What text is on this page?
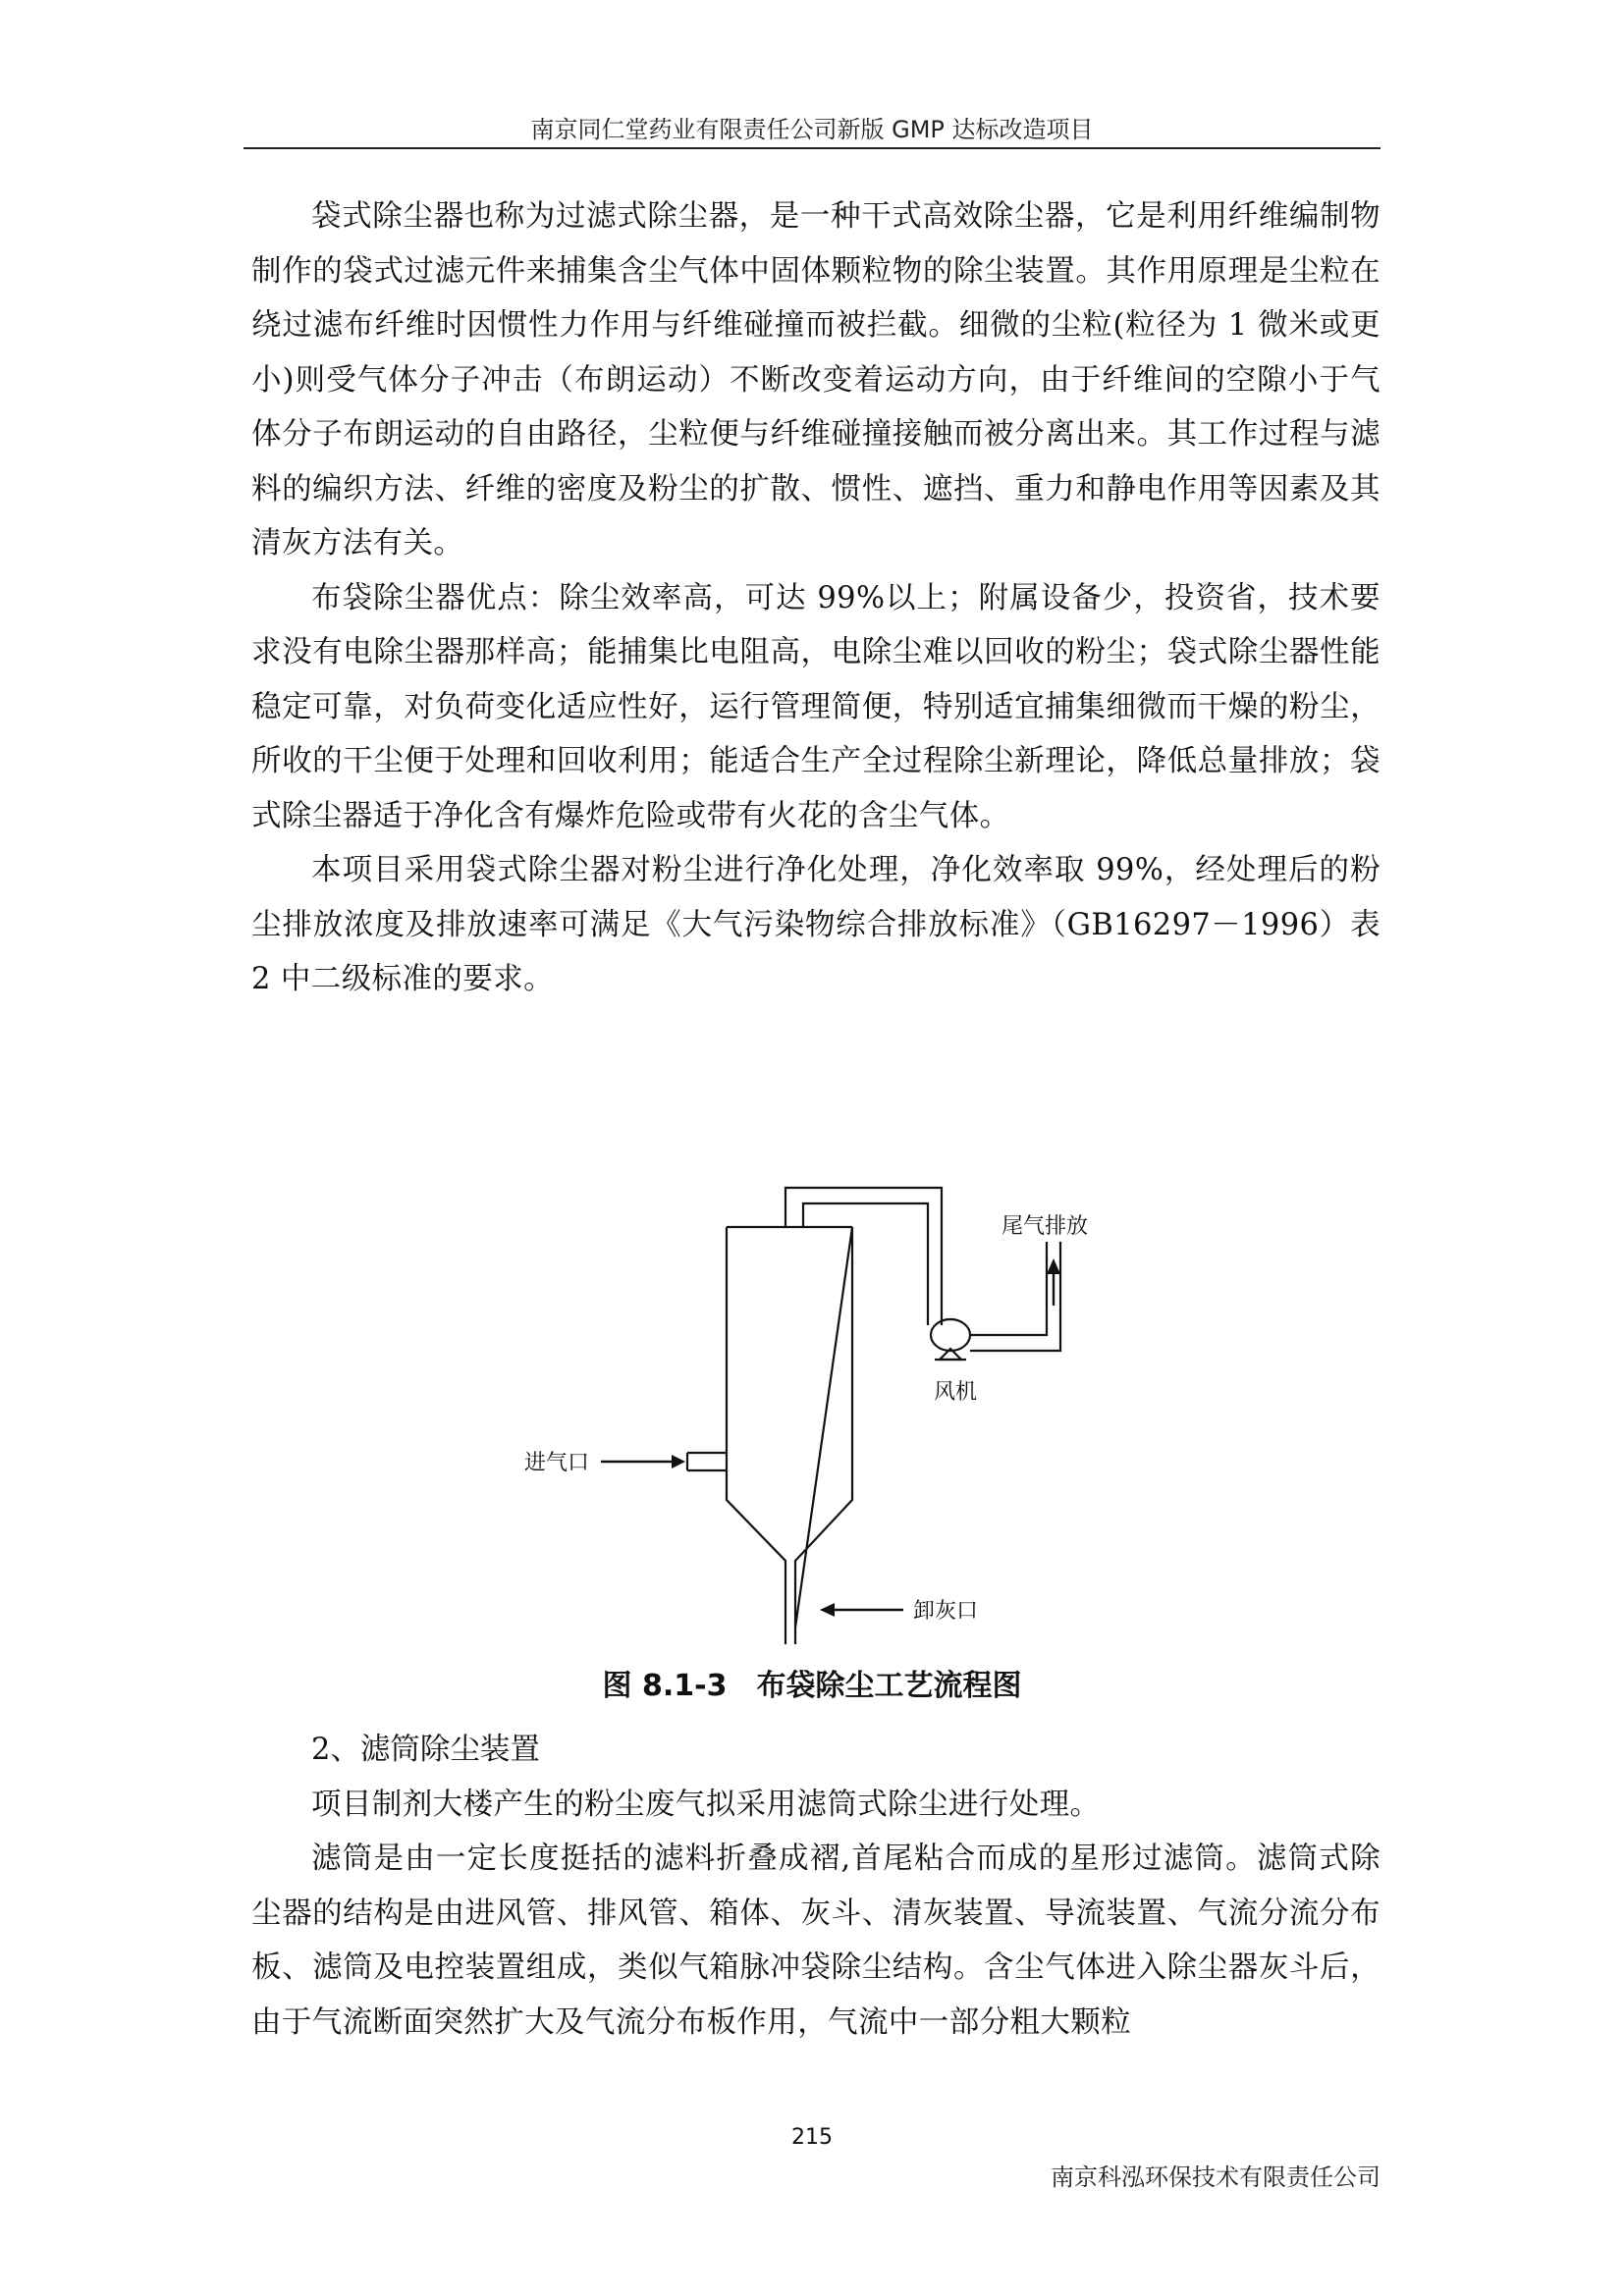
南京同仁堂药业有限责任公司新版 GMP 达标改造项目

袋式除尘器也称为过滤式除尘器，是一种干式高效除尘器，它是利用纤维编制物制作的袋式过滤元件来捕集含尘气体中固体颗粒物的除尘装置。其作用原理是尘粒在绕过滤布纤维时因惯性力作用与纤维碰撞而被拦截。细微的尘粒(粒径为 1 微米或更小)则受气体分子冲击（布朗运动）不断改变着运动方向，由于纤维间的空隙小于气体分子布朗运动的自由路径，尘粒便与纤维碰撞接触而被分离出来。其工作过程与滤料的编织方法、纤维的密度及粉尘的扩散、惯性、遮挡、重力和静电作用等因素及其清灰方法有关。

布袋除尘器优点：除尘效率高，可达 99%以上；附属设备少，投资省，技术要求没有电除尘器那样高；能捕集比电阻高，电除尘难以回收的粉尘；袋式除尘器性能稳定可靠，对负荷变化适应性好，运行管理简便，特别适宜捕集细微而干燥的粉尘，所收的干尘便于处理和回收利用；能适合生产全过程除尘新理论，降低总量排放；袋式除尘器适于净化含有爆炸危险或带有火花的含尘气体。

本项目采用袋式除尘器对粉尘进行净化处理，净化效率取 99%，经处理后的粉尘排放浓度及排放速率可满足《大气污染物综合排放标准》（GB16297－1996）表 2 中二级标准的要求。

尾气排放
风机
进气口
卸灰口
图 8.1-3　布袋除尘工艺流程图

2、滤筒除尘装置

项目制剂大楼产生的粉尘废气拟采用滤筒式除尘进行处理。

滤筒是由一定长度挺括的滤料折叠成褶,首尾粘合而成的星形过滤筒。滤筒式除尘器的结构是由进风管、排风管、箱体、灰斗、清灰装置、导流装置、气流分流分布板、滤筒及电控装置组成，类似气箱脉冲袋除尘结构。含尘气体进入除尘器灰斗后，由于气流断面突然扩大及气流分布板作用，气流中一部分粗大颗粒

215
南京科泓环保技术有限责任公司
